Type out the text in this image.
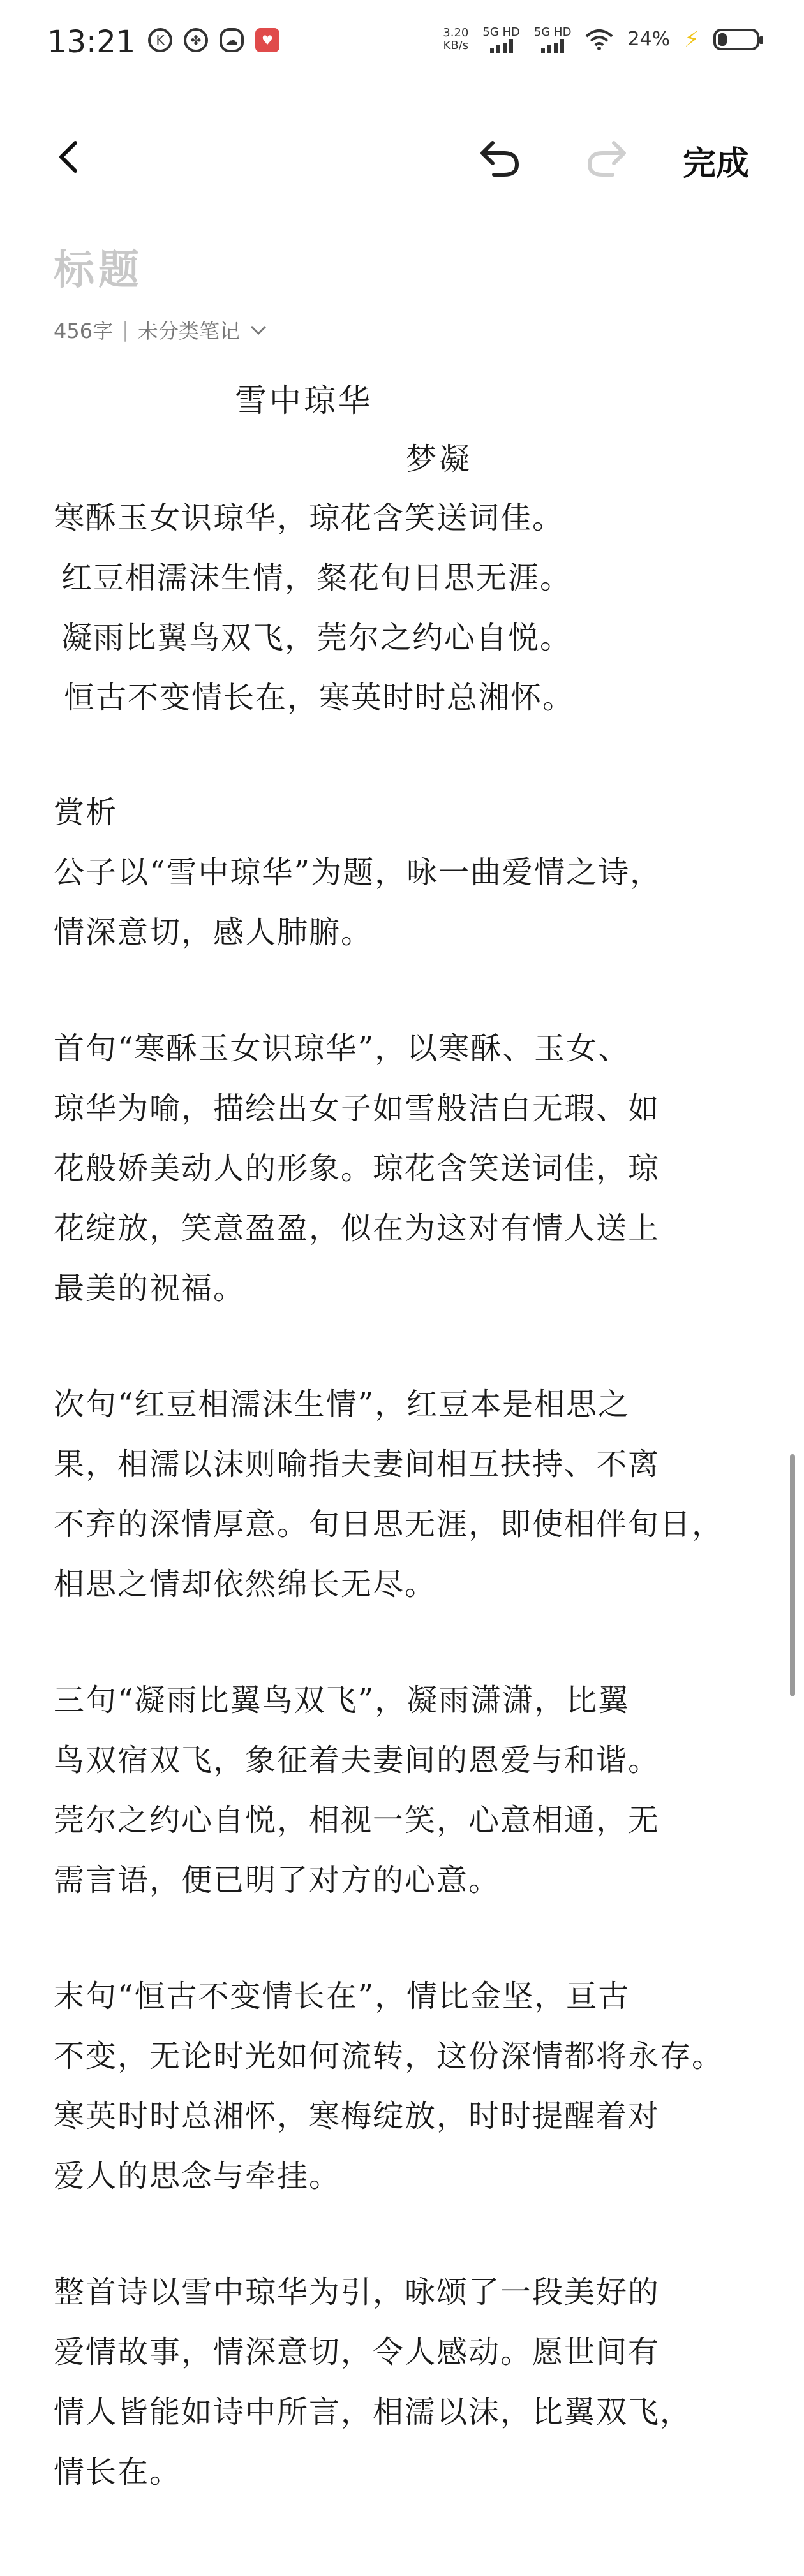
13:21	K	✤	☁	♥	3.20
KB/s
5G HD 5G HD	24% ⚡
完成
标题
456字 | 未分类笔记
雪中琼华
梦凝
寒酥玉女识琼华，琼花含笑送词佳。
红豆相濡沫生情，粲花旬日思无涯。
凝雨比翼鸟双飞，莞尔之约心自悦。
恒古不变情长在，寒英时时总湘怀。
赏析
公子以“雪中琼华”为题，咏一曲爱情之诗，
情深意切，感人肺腑。
首句“寒酥玉女识琼华”，以寒酥、玉女、
琼华为喻，描绘出女子如雪般洁白无瑕、如
花般娇美动人的形象。琼花含笑送词佳，琼
花绽放，笑意盈盈，似在为这对有情人送上
最美的祝福。
次句“红豆相濡沫生情”，红豆本是相思之
果，相濡以沫则喻指夫妻间相互扶持、不离
不弃的深情厚意。旬日思无涯，即使相伴旬日，
相思之情却依然绵长无尽。
三句“凝雨比翼鸟双飞”，凝雨潇潇，比翼
鸟双宿双飞，象征着夫妻间的恩爱与和谐。
莞尔之约心自悦，相视一笑，心意相通，无
需言语，便已明了对方的心意。
末句“恒古不变情长在”，情比金坚，亘古
不变，无论时光如何流转，这份深情都将永存。
寒英时时总湘怀，寒梅绽放，时时提醒着对
爱人的思念与牵挂。
整首诗以雪中琼华为引，咏颂了一段美好的
爱情故事，情深意切，令人感动。愿世间有
情人皆能如诗中所言，相濡以沫，比翼双飞，
情长在。
